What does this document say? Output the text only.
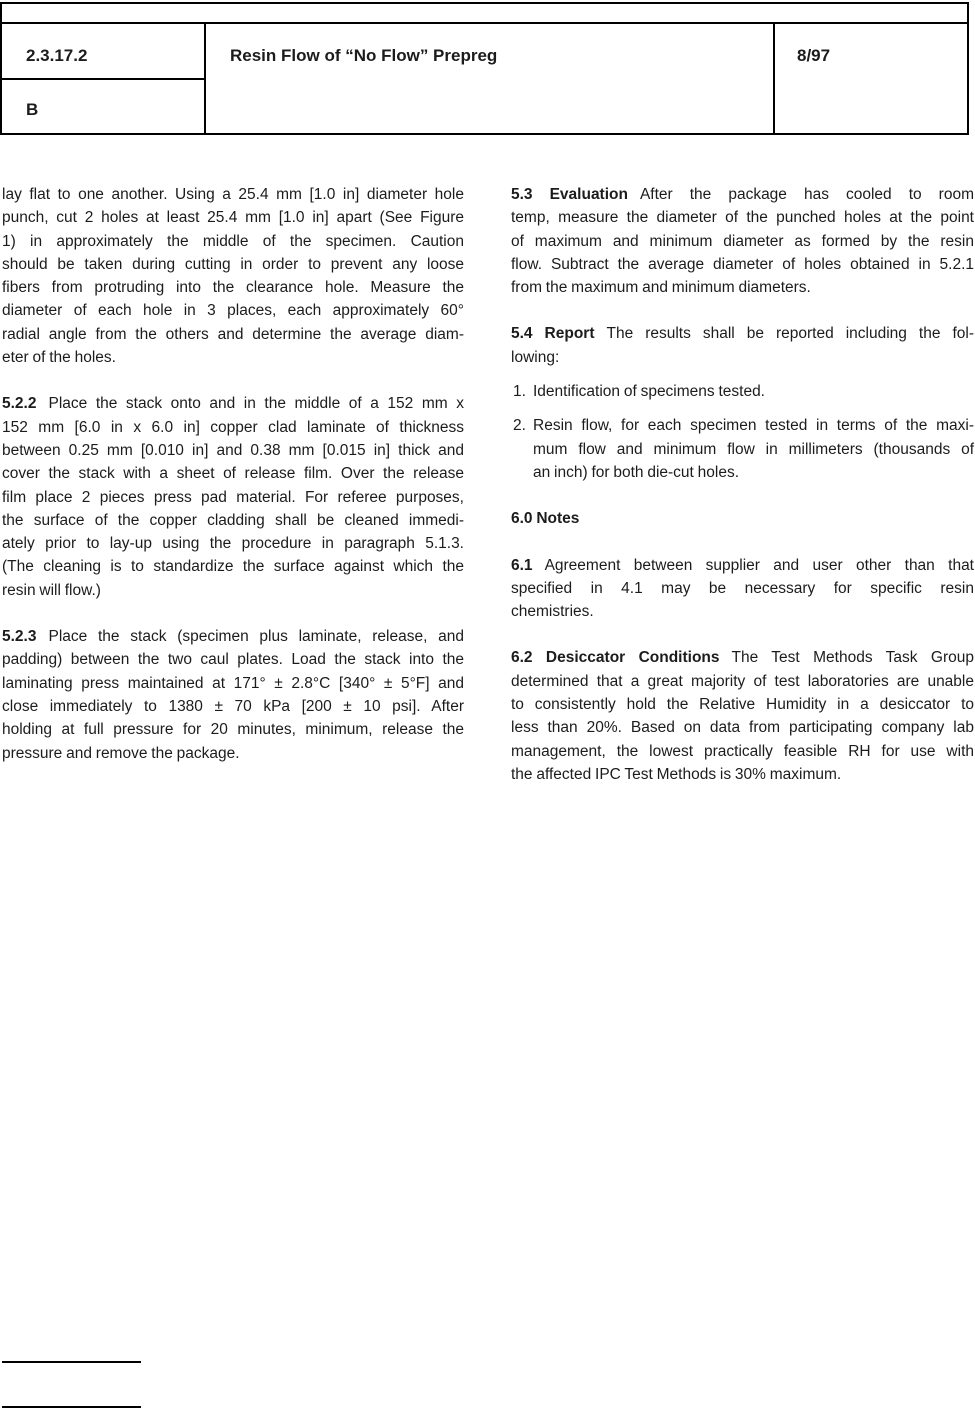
2.3.17.2
B
Resin Flow of “No Flow” Prepreg	8/97
lay flat to one another. Using a 25.4 mm [1.0 in] diameter hole
punch, cut 2 holes at least 25.4 mm [1.0 in] apart (See Figure
1) in approximately the middle of the specimen. Caution
should be taken during cutting in order to prevent any loose
fibers from protruding into the clearance hole. Measure the
diameter of each hole in 3 places, each approximately 60°
radial angle from the others and determine the average diam-
eter of the holes.
5.2.2 Place the stack onto and in the middle of a 152 mm x
152 mm [6.0 in x 6.0 in] copper clad laminate of thickness
between 0.25 mm [0.010 in] and 0.38 mm [0.015 in] thick and
cover the stack with a sheet of release film. Over the release
film place 2 pieces press pad material. For referee purposes,
the surface of the copper cladding shall be cleaned immedi-
ately prior to lay-up using the procedure in paragraph 5.1.3.
(The cleaning is to standardize the surface against which the
resin will flow.)
5.2.3 Place the stack (specimen plus laminate, release, and
padding) between the two caul plates. Load the stack into the
laminating press maintained at 171° ± 2.8°C [340° ± 5°F] and
close immediately to 1380 ± 70 kPa [200 ± 10 psi]. After
holding at full pressure for 20 minutes, minimum, release the
pressure and remove the package.
5.3 Evaluation After the package has cooled to room
temp, measure the diameter of the punched holes at the point
of maximum and minimum diameter as formed by the resin
flow. Subtract the average diameter of holes obtained in 5.2.1
from the maximum and minimum diameters.
5.4 Report The results shall be reported including the fol-
lowing:
1. Identification of specimens tested.
2. Resin flow, for each specimen tested in terms of the maxi-
mum flow and minimum flow in millimeters (thousands of
an inch) for both die-cut holes.
6.0 Notes
6.1 Agreement between supplier and user other than that
specified in 4.1 may be necessary for specific resin
chemistries.
6.2 Desiccator Conditions The Test Methods Task Group
determined that a great majority of test laboratories are unable
to consistently hold the Relative Humidity in a desiccator to
less than 20%. Based on data from participating company lab
management, the lowest practically feasible RH for use with
the affected IPC Test Methods is 30% maximum.
